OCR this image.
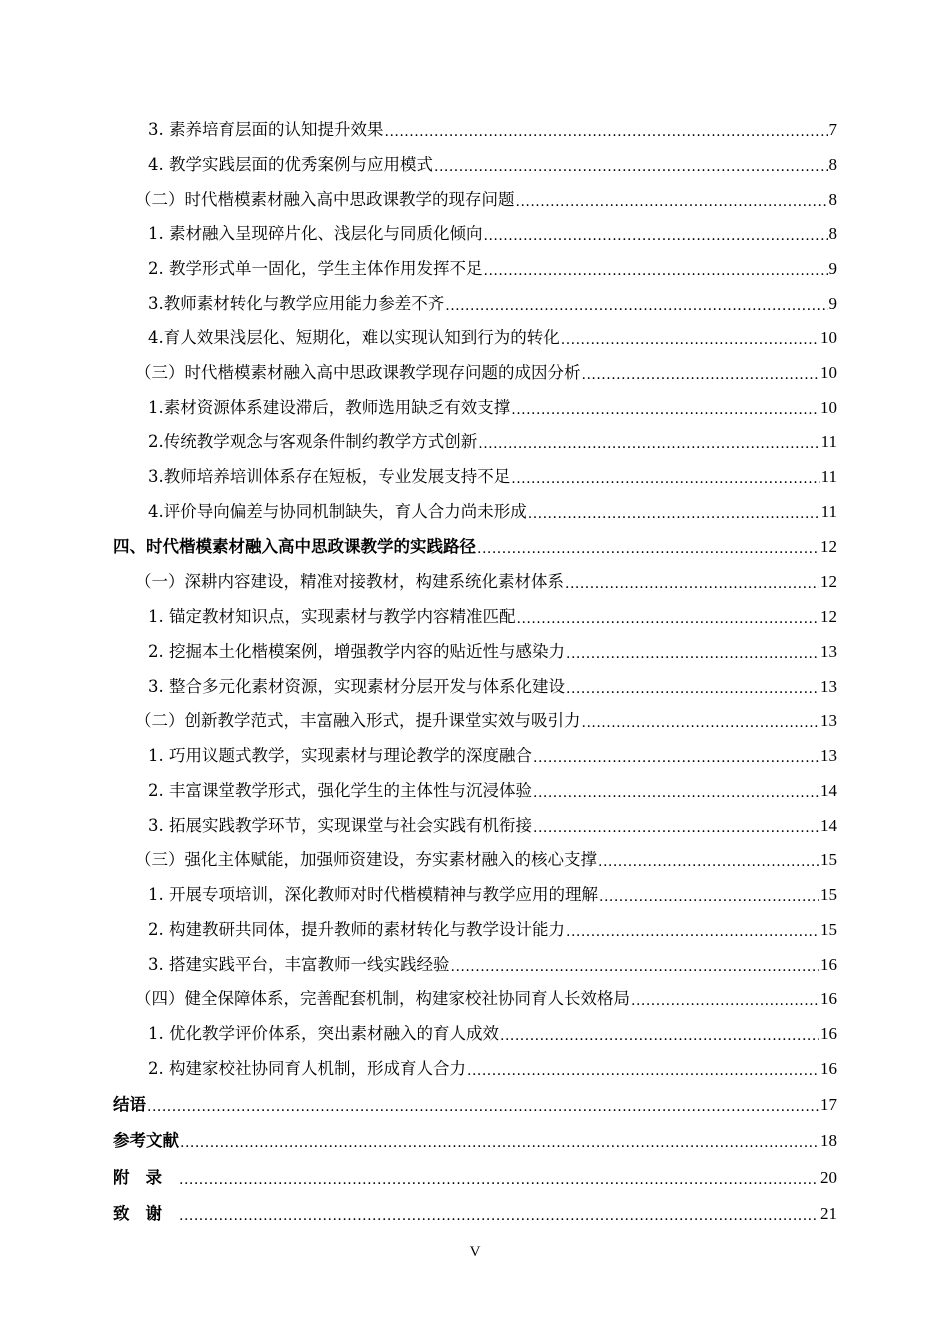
3. 素养培育层面的认知提升效果 .....	7
4. 教学实践层面的优秀案例与应用模式 .....	8
（二）时代楷模素材融入高中思政课教学的现存问题 .....	8
1. 素材融入呈现碎片化、浅层化与同质化倾向 .....	8
2. 教学形式单一固化，学生主体作用发挥不足 .....	9
3.教师素材转化与教学应用能力参差不齐 .....	9
4.育人效果浅层化、短期化，难以实现认知到行为的转化 .....	10
（三）时代楷模素材融入高中思政课教学现存问题的成因分析 .....	10
1.素材资源体系建设滞后，教师选用缺乏有效支撑 .....	10
2.传统教学观念与客观条件制约教学方式创新 .....	11
3.教师培养培训体系存在短板，专业发展支持不足 .....	11
4.评价导向偏差与协同机制缺失，育人合力尚未形成 .....	11
四、时代楷模素材融入高中思政课教学的实践路径 .....	12
（一）深耕内容建设，精准对接教材，构建系统化素材体系 .....	12
1. 锚定教材知识点，实现素材与教学内容精准匹配 .....	12
2. 挖掘本土化楷模案例，增强教学内容的贴近性与感染力 .....	13
3. 整合多元化素材资源，实现素材分层开发与体系化建设 .....	13
（二）创新教学范式，丰富融入形式，提升课堂实效与吸引力 .....	13
1. 巧用议题式教学，实现素材与理论教学的深度融合 .....	13
2. 丰富课堂教学形式，强化学生的主体性与沉浸体验 .....	14
3. 拓展实践教学环节，实现课堂与社会实践有机衔接 .....	14
（三）强化主体赋能，加强师资建设，夯实素材融入的核心支撑 .....	15
1. 开展专项培训，深化教师对时代楷模精神与教学应用的理解 .....	15
2. 构建教研共同体，提升教师的素材转化与教学设计能力 .....	15
3. 搭建实践平台，丰富教师一线实践经验 .....	16
（四）健全保障体系，完善配套机制，构建家校社协同育人长效格局 .....	16
1. 优化教学评价体系，突出素材融入的育人成效 .....	16
2. 构建家校社协同育人机制，形成育人合力 .....	16
结语 .....	17
参考文献 .....	18
附录 .....	20
致谢 .....	21
V
